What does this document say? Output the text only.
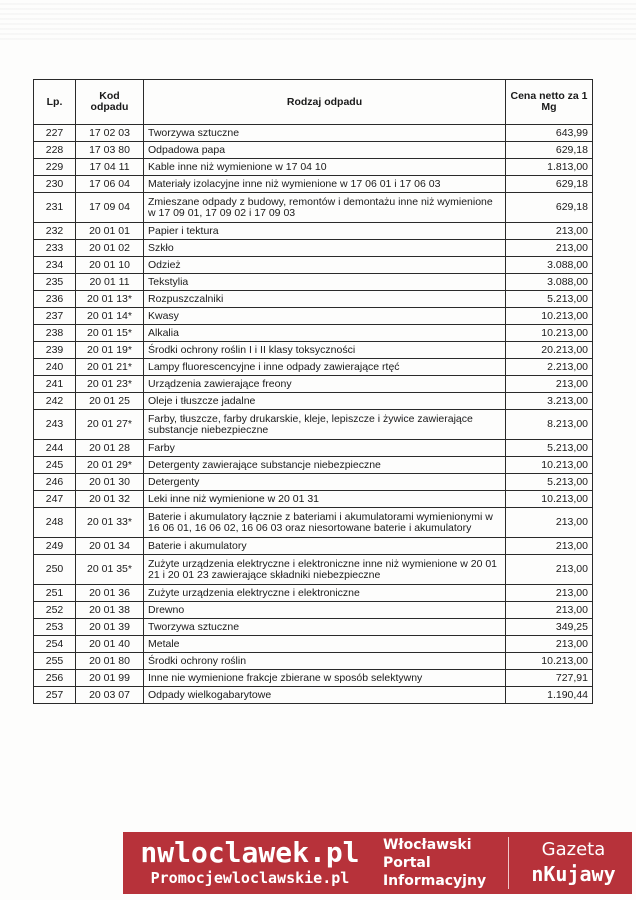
Lp.	Kod odpadu	Rodzaj odpadu	Cena netto za 1 Mg
227	17 02 03	Tworzywa sztuczne	643,99
228	17 03 80	Odpadowa papa	629,18
229	17 04 11	Kable inne niż wymienione w 17 04 10	1.813,00
230	17 06 04	Materiały izolacyjne inne niż wymienione w 17 06 01 i 17 06 03	629,18
231	17 09 04	Zmieszane odpady z budowy, remontów i demontażu inne niż wymienione w 17 09 01, 17 09 02 i 17 09 03	629,18
232	20 01 01	Papier i tektura	213,00
233	20 01 02	Szkło	213,00
234	20 01 10	Odzież	3.088,00
235	20 01 11	Tekstylia	3.088,00
236	20 01 13*	Rozpuszczalniki	5.213,00
237	20 01 14*	Kwasy	10.213,00
238	20 01 15*	Alkalia	10.213,00
239	20 01 19*	Środki ochrony roślin I i II klasy toksyczności	20.213,00
240	20 01 21*	Lampy fluorescencyjne i inne odpady zawierające rtęć	2.213,00
241	20 01 23*	Urządzenia zawierające freony	213,00
242	20 01 25	Oleje i tłuszcze jadalne	3.213,00
243	20 01 27*	Farby, tłuszcze, farby drukarskie, kleje, lepiszcze i żywice zawierające substancje niebezpieczne	8.213,00
244	20 01 28	Farby	5.213,00
245	20 01 29*	Detergenty zawierające substancje niebezpieczne	10.213,00
246	20 01 30	Detergenty	5.213,00
247	20 01 32	Leki inne niż wymienione w 20 01 31	10.213,00
248	20 01 33*	Baterie i akumulatory łącznie z bateriami i akumulatorami wymienionymi w 16 06 01, 16 06 02, 16 06 03 oraz niesortowane baterie i akumulatory	213,00
249	20 01 34	Baterie i akumulatory	213,00
250	20 01 35*	Zużyte urządzenia elektryczne i elektroniczne inne niż wymienione w 20 01 21 i 20 01 23 zawierające składniki niebezpieczne	213,00
251	20 01 36	Zużyte urządzenia elektryczne i elektroniczne	213,00
252	20 01 38	Drewno	213,00
253	20 01 39	Tworzywa sztuczne	349,25
254	20 01 40	Metale	213,00
255	20 01 80	Środki ochrony roślin	10.213,00
256	20 01 99	Inne nie wymienione frakcje zbierane w sposób selektywny	727,91
257	20 03 07	Odpady wielkogabarytowe	1.190,44
nwloclawek.pl
Promocjewloclawskie.pl
Włocławski
Portal
Informacyjny
Gazeta
nKujawy
